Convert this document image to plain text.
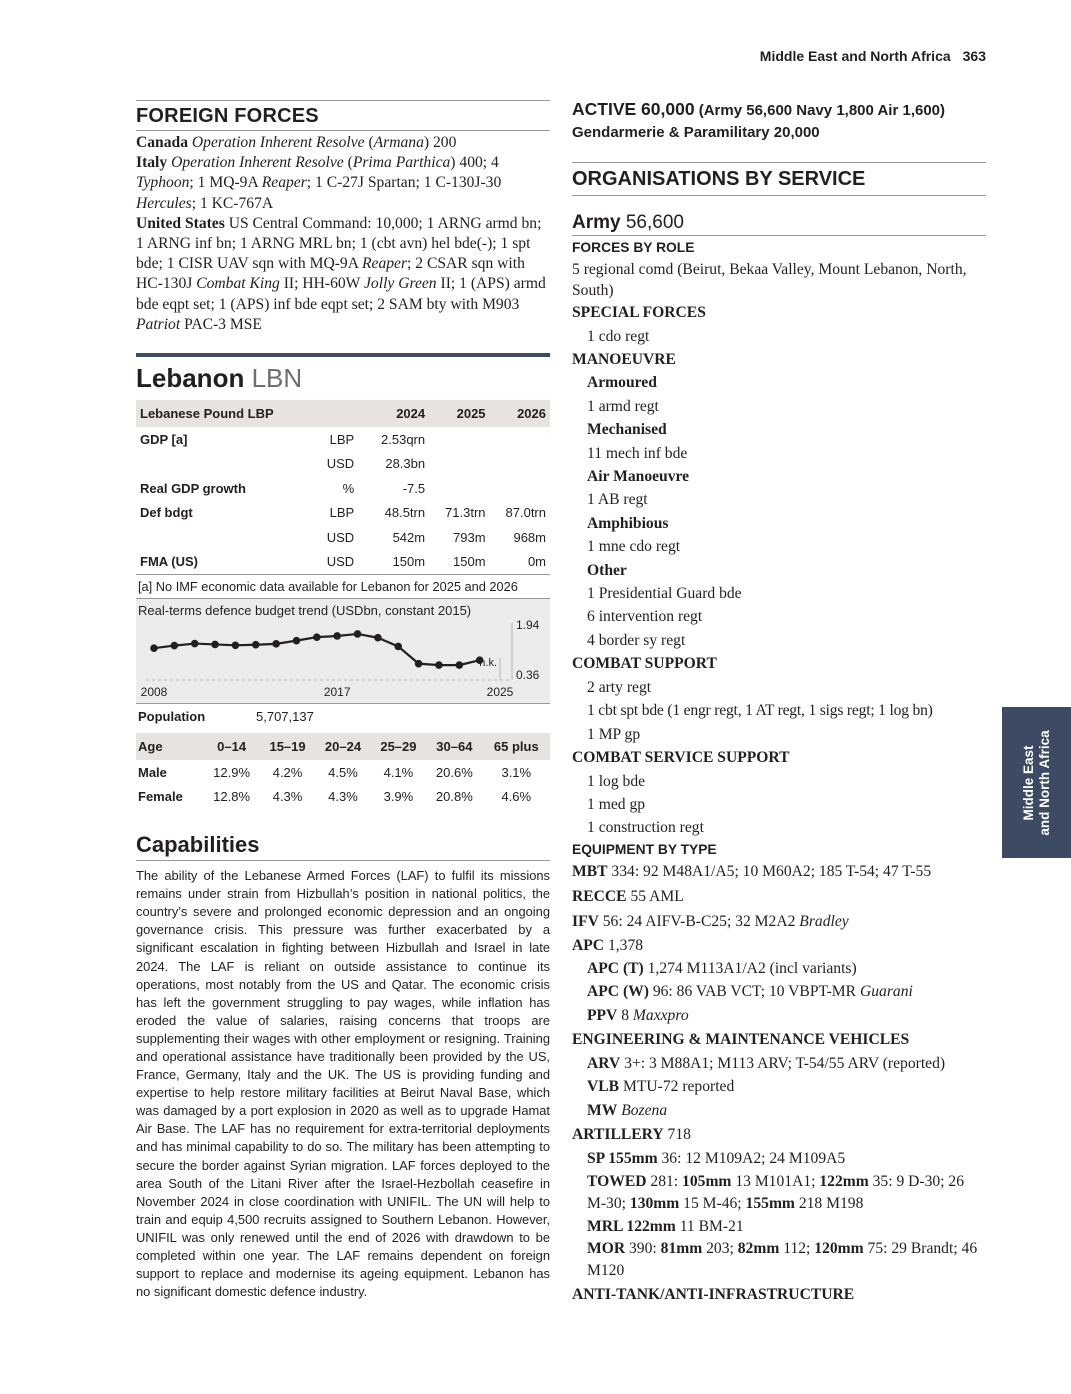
Middle East and North Africa 363
FOREIGN FORCES

Canada Operation Inherent Resolve (Armana) 200

Italy Operation Inherent Resolve (Prima Parthica) 400; 4 Typhoon; 1 MQ-9A Reaper; 1 C-27J Spartan; 1 C-130J-30 Hercules; 1 KC-767A

United States US Central Command: 10,000; 1 ARNG armd bn; 1 ARNG inf bn; 1 ARNG MRL bn; 1 (cbt avn) hel bde(-); 1 spt bde; 1 CISR UAV sqn with MQ-9A Reaper; 2 CSAR sqn with HC-130J Combat King II; HH-60W Jolly Green II; 1 (APS) armd bde eqpt set; 1 (APS) inf bde eqpt set; 2 SAM bty with M903 Patriot PAC-3 MSE

Lebanon LBN
Lebanese Pound LBP		2024	2025	2026
GDP [a]	LBP	2.53qrn		
	USD	28.3bn		
Real GDP growth	%	-7.5		
Def bdgt	LBP	48.5trn	71.3trn	87.0trn
	USD	542m	793m	968m
FMA (US)	USD	150m	150m	0m
[a] No IMF economic data available for Lebanon for 2025 and 2026
Real-terms defence budget trend (USDbn, constant 2015)
1.94
0.36
2008	2017	2025
n.k.
Population	5,707,137
Age	0–14	15–19	20–24	25–29	30–64	65 plus
Male	12.9%	4.2%	4.5%	4.1%	20.6%	3.1%
Female	12.8%	4.3%	4.3%	3.9%	20.8%	4.6%
Capabilities
The ability of the Lebanese Armed Forces (LAF) to fulfil its missions remains under strain from Hizbullah’s position in national politics, the country’s severe and prolonged economic depression and an ongoing governance crisis. This pressure was further exacerbated by a significant escalation in fighting between Hizbullah and Israel in late 2024. The LAF is reliant on outside assistance to continue its operations, most notably from the US and Qatar. The economic crisis has left the government struggling to pay wages, while inflation has eroded the value of salaries, raising concerns that troops are supplementing their wages with other employment or resigning. Training and operational assistance have traditionally been provided by the US, France, Germany, Italy and the UK. The US is providing funding and expertise to help restore military facilities at Beirut Naval Base, which was damaged by a port explosion in 2020 as well as to upgrade Hamat Air Base. The LAF has no requirement for extra-territorial deployments and has minimal capability to do so. The military has been attempting to secure the border against Syrian migration. LAF forces deployed to the area South of the Litani River after the Israel-Hezbollah ceasefire in November 2024 in close coordination with UNIFIL. The UN will help to train and equip 4,500 recruits assigned to Southern Lebanon. However, UNIFIL was only renewed until the end of 2026 with drawdown to be completed within one year. The LAF remains dependent on foreign support to replace and modernise its ageing equipment. Lebanon has no significant domestic defence industry.
ACTIVE 60,000 (Army 56,600 Navy 1,800 Air 1,600)
Gendarmerie & Paramilitary 20,000
ORGANISATIONS BY SERVICE
Army 56,600
FORCES BY ROLE
5 regional comd (Beirut, Bekaa Valley, Mount Lebanon, North, South)
SPECIAL FORCES
1 cdo regt
MANOEUVRE
Armoured
1 armd regt
Mechanised
11 mech inf bde
Air Manoeuvre
1 AB regt
Amphibious
1 mne cdo regt
Other
1 Presidential Guard bde
6 intervention regt
4 border sy regt
COMBAT SUPPORT
2 arty regt
1 cbt spt bde (1 engr regt, 1 AT regt, 1 sigs regt; 1 log bn)
1 MP gp
COMBAT SERVICE SUPPORT
1 log bde
1 med gp
1 construction regt
EQUIPMENT BY TYPE
MBT 334: 92 M48A1/A5; 10 M60A2; 185 T-54; 47 T-55
RECCE 55 AML
IFV 56: 24 AIFV-B-C25; 32 M2A2 Bradley
APC 1,378
APC (T) 1,274 M113A1/A2 (incl variants)
APC (W) 96: 86 VAB VCT; 10 VBPT-MR Guarani
PPV 8 Maxxpro
ENGINEERING & MAINTENANCE VEHICLES
ARV 3+: 3 M88A1; M113 ARV; T-54/55 ARV (reported)
VLB MTU-72 reported
MW Bozena
ARTILLERY 718
SP 155mm 36: 12 M109A2; 24 M109A5
TOWED 281: 105mm 13 M101A1; 122mm 35: 9 D-30; 26 M-30; 130mm 15 M-46; 155mm 218 M198
MRL 122mm 11 BM-21
MOR 390: 81mm 203; 82mm 112; 120mm 75: 29 Brandt; 46 M120
ANTI-TANK/ANTI-INFRASTRUCTURE
Middle East
and North Africa
